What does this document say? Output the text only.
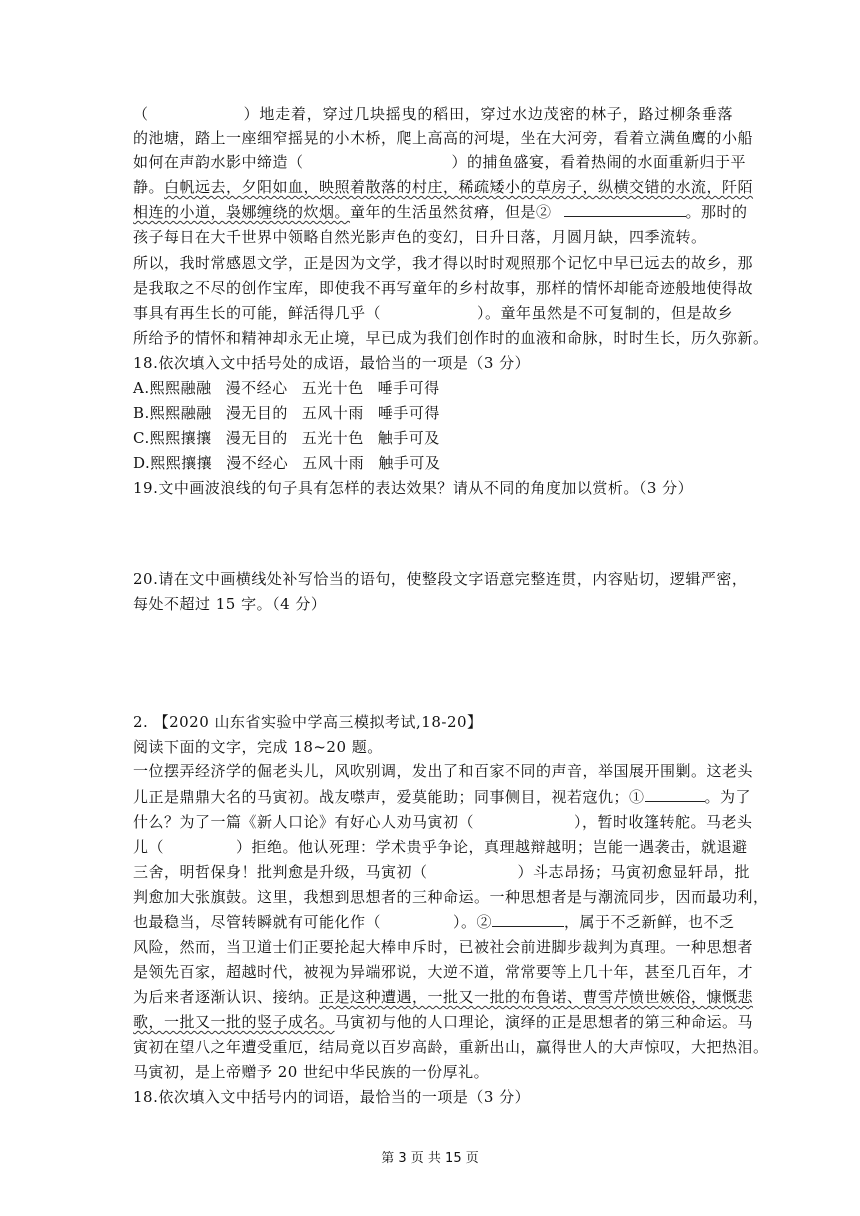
（　　　　　　）地走着，穿过几块摇曳的稻田，穿过水边茂密的林子，路过柳条垂落
的池塘，踏上一座细窄摇晃的小木桥，爬上高高的河堤，坐在大河旁，看着立满鱼鹰的小船
如何在声韵水影中缔造（	）的捕鱼盛宴，看着热闹的水面重新归于平
静。白帆远去，夕阳如血，映照着散落的村庄，稀疏矮小的草房子，纵横交错的水流，阡陌
相连的小道，袅娜缠绕的炊烟。童年的生活虽然贫瘠，但是②	。那时的
孩子每日在大千世界中领略自然光影声色的变幻，日升日落，月圆月缺，四季流转。
所以，我时常感恩文学，正是因为文学，我才得以时时观照那个记忆中早已远去的故乡，那
是我取之不尽的创作宝库，即使我不再写童年的乡村故事，那样的情怀却能奇迹般地使得故
事具有再生长的可能，鲜活得几乎（	）。童年虽然是不可复制的，但是故乡
所给予的情怀和精神却永无止境，早已成为我们创作时的血液和命脉，时时生长，历久弥新。
18.依次填入文中括号处的成语，最恰当的一项是（3 分）
A.熙熙融融 漫不经心 五光十色 唾手可得
B.熙熙融融 漫无目的 五风十雨 唾手可得
C.熙熙攘攘 漫无目的 五光十色 触手可及
D.熙熙攘攘 漫不经心 五风十雨 触手可及
19.文中画波浪线的句子具有怎样的表达效果？请从不同的角度加以赏析。（3 分）
20.请在文中画横线处补写恰当的语句，使整段文字语意完整连贯，内容贴切，逻辑严密，
每处不超过 15 字。（4 分）
2. 【2020 山东省实验中学高三模拟考试,18-20】
阅读下面的文字，完成 18~20 题。
一位摆弄经济学的倔老头儿，风吹别调，发出了和百家不同的声音，举国展开围剿。这老头
儿正是鼎鼎大名的马寅初。战友噤声，爱莫能助；同事侧目，视若寇仇；①	。为了
什么？为了一篇《新人口论》有好心人劝马寅初（	），暂时收篷转舵。马老头
儿（	）拒绝。他认死理：学术贵乎争论，真理越辩越明；岂能一遇袭击，就退避
三舍，明哲保身！批判愈是升级，马寅初（	）斗志昂扬；马寅初愈显轩昂，批
判愈加大张旗鼓。这里，我想到思想者的三种命运。一种思想者是与潮流同步，因而最功利，
也最稳当，尽管转瞬就有可能化作（	）。②	，属于不乏新鲜，也不乏
风险，然而，当卫道士们正要抡起大棒申斥时，已被社会前进脚步裁判为真理。一种思想者
是领先百家，超越时代，被视为异端邪说，大逆不道，常常要等上几十年，甚至几百年，才
为后来者逐渐认识、接纳。正是这种遭遇，一批又一批的布鲁诺、曹雪芹愤世嫉俗，慷慨悲
歌，一批又一批的竖子成名。马寅初与他的人口理论，演绎的正是思想者的第三种命运。马
寅初在望八之年遭受重厄，结局竟以百岁高龄，重新出山，赢得世人的大声惊叹，大把热泪。
马寅初，是上帝赠予 20 世纪中华民族的一份厚礼。
18.依次填入文中括号内的词语，最恰当的一项是（3 分）
第 3 页 共 15 页
